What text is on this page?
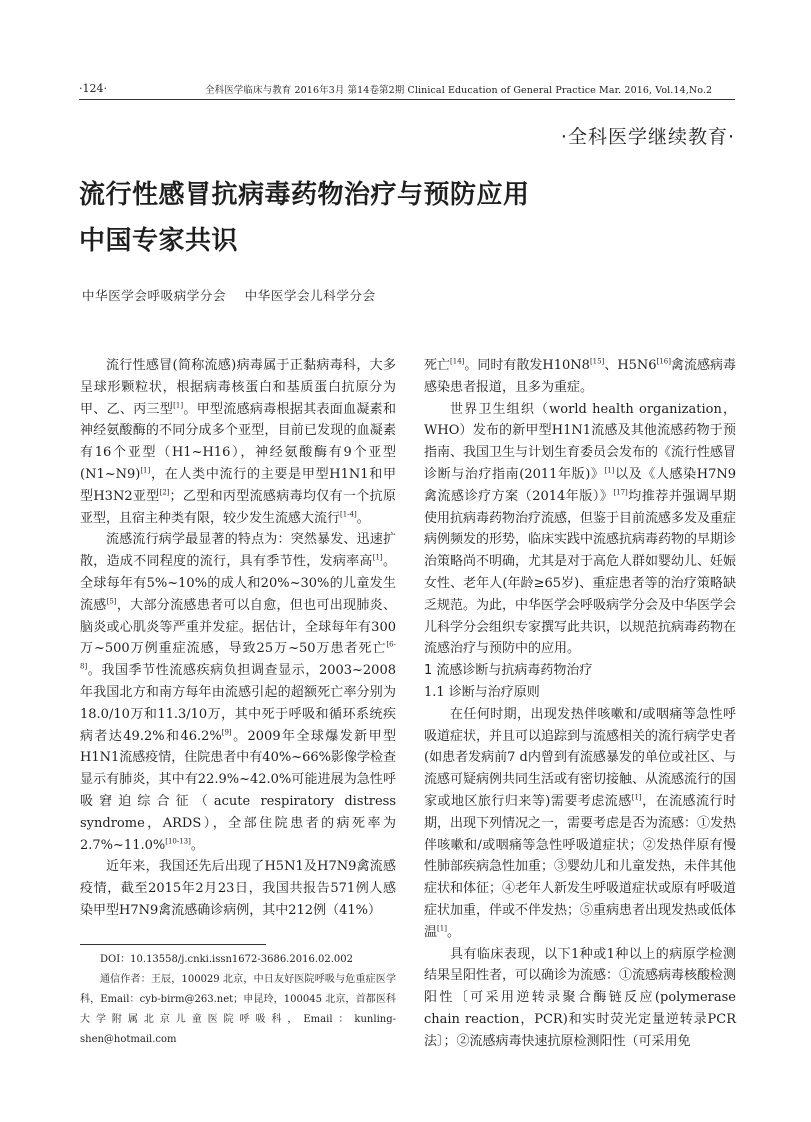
·124·	全科医学临床与教育 2016年3月 第14卷第2期 Clinical Education of General Practice Mar. 2016, Vol.14,No.2
·全科医学继续教育·
流行性感冒抗病毒药物治疗与预防应用
中国专家共识
中华医学会呼吸病学分会 中华医学会儿科学分会

流行性感冒(简称流感)病毒属于正黏病毒科，大多呈球形颗粒状，根据病毒核蛋白和基质蛋白抗原分为甲、乙、丙三型[1]。甲型流感病毒根据其表面血凝素和神经氨酸酶的不同分成多个亚型，目前已发现的血凝素有16个亚型（H1~H16），神经氨酸酶有9个亚型(N1~N9)[1]，在人类中流行的主要是甲型H1N1和甲型H3N2亚型[2]；乙型和丙型流感病毒均仅有一个抗原亚型，且宿主种类有限，较少发生流感大流行[1-4]。

流感流行病学最显著的特点为：突然暴发、迅速扩散，造成不同程度的流行，具有季节性，发病率高[1]。全球每年有5%~10%的成人和20%~30%的儿童发生流感[5]，大部分流感患者可以自愈，但也可出现肺炎、脑炎或心肌炎等严重并发症。据估计，全球每年有300万~500万例重症流感，导致25万~50万患者死亡[6-8]。我国季节性流感疾病负担调查显示，2003~2008年我国北方和南方每年由流感引起的超额死亡率分别为18.0/10万和11.3/10万，其中死于呼吸和循环系统疾病者达49.2%和46.2%[9]。2009年全球爆发新甲型H1N1流感疫情，住院患者中有40%~66%影像学检查显示有肺炎，其中有22.9%~42.0%可能进展为急性呼吸窘迫综合征（acute respiratory distress syndrome，ARDS），全部住院患者的病死率为2.7%~11.0%[10-13]。

近年来，我国还先后出现了H5N1及H7N9禽流感疫情，截至2015年2月23日，我国共报告571例人感染甲型H7N9禽流感确诊病例，其中212例（41%）

DOI：10.13558/j.cnki.issn1672-3686.2016.02.002

通信作者：王辰，100029 北京，中日友好医院呼吸与危重症医学科，Email：cyb-birm@263.net；申昆玲，100045 北京，首都医科大学附属北京儿童医院呼吸科，Email：kunling-shen@hotmail.com

死亡[14]。同时有散发H10N8[15]、H5N6[16]禽流感病毒感染患者报道，且多为重症。

世界卫生组织（world health organization，WHO）发布的新甲型H1N1流感及其他流感药物于预指南、我国卫生与计划生育委员会发布的《流行性感冒诊断与治疗指南(2011年版)》[1]以及《人感染H7N9禽流感诊疗方案（2014年版）》[17]均推荐并强调早期使用抗病毒药物治疗流感，但鉴于目前流感多发及重症病例频发的形势，临床实践中流感抗病毒药物的早期诊治策略尚不明确，尤其是对于高危人群如婴幼儿、妊娠女性、老年人(年龄≥65岁)、重症患者等的治疗策略缺乏规范。为此，中华医学会呼吸病学分会及中华医学会儿科学分会组织专家撰写此共识，以规范抗病毒药物在流感治疗与预防中的应用。

1 流感诊断与抗病毒药物治疗
1.1 诊断与治疗原则

在任何时期，出现发热伴咳嗽和/或咽痛等急性呼吸道症状，并且可以追踪到与流感相关的流行病学史者(如患者发病前7 d内曾到有流感暴发的单位或社区、与流感可疑病例共同生活或有密切接触、从流感流行的国家或地区旅行归来等)需要考虑流感[1]，在流感流行时期，出现下列情况之一，需要考虑是否为流感：①发热伴咳嗽和/或咽痛等急性呼吸道症状；②发热伴原有慢性肺部疾病急性加重；③婴幼儿和儿童发热，未伴其他症状和体征；④老年人新发生呼吸道症状或原有呼吸道症状加重，伴或不伴发热；⑤重病患者出现发热或低体温[1]。

具有临床表现，以下1种或1种以上的病原学检测结果呈阳性者，可以确诊为流感：①流感病毒核酸检测阳性〔可采用逆转录聚合酶链反应(polymerase chain reaction，PCR)和实时荧光定量逆转录PCR法〕；②流感病毒快速抗原检测阳性（可采用免
